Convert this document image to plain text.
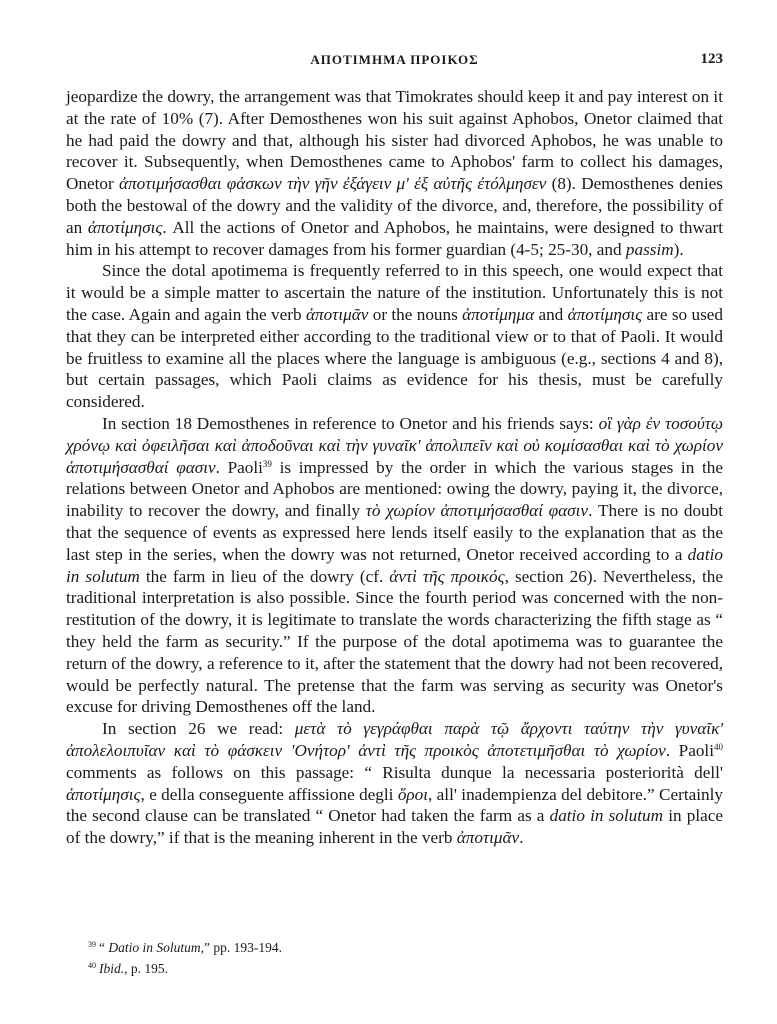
ΑΠΟΤΙΜΗΜΑ ΠΡΟΙΚΟΣ	123

jeopardize the dowry, the arrangement was that Timokrates should keep it and pay interest on it at the rate of 10% (7). After Demosthenes won his suit against Aphobos, Onetor claimed that he had paid the dowry and that, although his sister had divorced Aphobos, he was unable to recover it. Subsequently, when Demosthenes came to Aphobos' farm to collect his damages, Onetor ἀποτιμήσασθαι φάσκων τὴν γῆν ἐξάγειν μ' ἐξ αὐτῆς ἐτόλμησεν (8). Demosthenes denies both the bestowal of the dowry and the validity of the divorce, and, therefore, the possibility of an ἀποτίμησις. All the actions of Onetor and Aphobos, he maintains, were designed to thwart him in his attempt to recover damages from his former guardian (4-5; 25-30, and passim).

Since the dotal apotimema is frequently referred to in this speech, one would expect that it would be a simple matter to ascertain the nature of the institution. Unfortunately this is not the case. Again and again the verb ἀποτιμᾶν or the nouns ἀποτίμημα and ἀποτίμησις are so used that they can be interpreted either according to the traditional view or to that of Paoli. It would be fruitless to examine all the places where the language is ambiguous (e.g., sections 4 and 8), but certain passages, which Paoli claims as evidence for his thesis, must be carefully considered.

In section 18 Demosthenes in reference to Onetor and his friends says: οἳ γὰρ ἐν τοσούτῳ χρόνῳ καὶ ὀφειλῆσαι καὶ ἀποδοῦναι καὶ τὴν γυναῖκ' ἀπολιπεῖν καὶ οὐ κομίσασθαι καὶ τὸ χωρίον ἀποτιμήσασθαί φασιν. Paoli$^{39}$ is impressed by the order in which the various stages in the relations between Onetor and Aphobos are mentioned: owing the dowry, paying it, the divorce, inability to recover the dowry, and finally τὸ χωρίον ἀποτιμήσασθαί φασιν. There is no doubt that the sequence of events as expressed here lends itself easily to the explanation that as the last step in the series, when the dowry was not returned, Onetor received according to a datio in solutum the farm in lieu of the dowry (cf. ἀντὶ τῆς προικός, section 26). Nevertheless, the traditional interpretation is also possible. Since the fourth period was concerned with the non-restitution of the dowry, it is legitimate to translate the words characterizing the fifth stage as “ they held the farm as security.” If the purpose of the dotal apotimema was to guarantee the return of the dowry, a reference to it, after the statement that the dowry had not been recovered, would be perfectly natural. The pretense that the farm was serving as security was Onetor's excuse for driving Demosthenes off the land.

In section 26 we read: μετὰ τὸ γεγράφθαι παρὰ τῷ ἄρχοντι ταύτην τὴν γυναῖκ' ἀπολελοιπυῖαν καὶ τὸ φάσκειν 'Ονήτορ' ἀντὶ τῆς προικὸς ἀποτετιμῆσθαι τὸ χωρίον. Paoli$^{40}$ comments as follows on this passage: “ Risulta dunque la necessaria posteriorità dell' ἀποτίμησις, e della conseguente affissione degli ὅροι, all' inadempienza del debitore.” Certainly the second clause can be translated “ Onetor had taken the farm as a datio in solutum in place of the dowry,” if that is the meaning inherent in the verb ἀποτιμᾶν.

$^{39}$ “ Datio in Solutum,” pp. 193-194.
$^{40}$ Ibid., p. 195.
